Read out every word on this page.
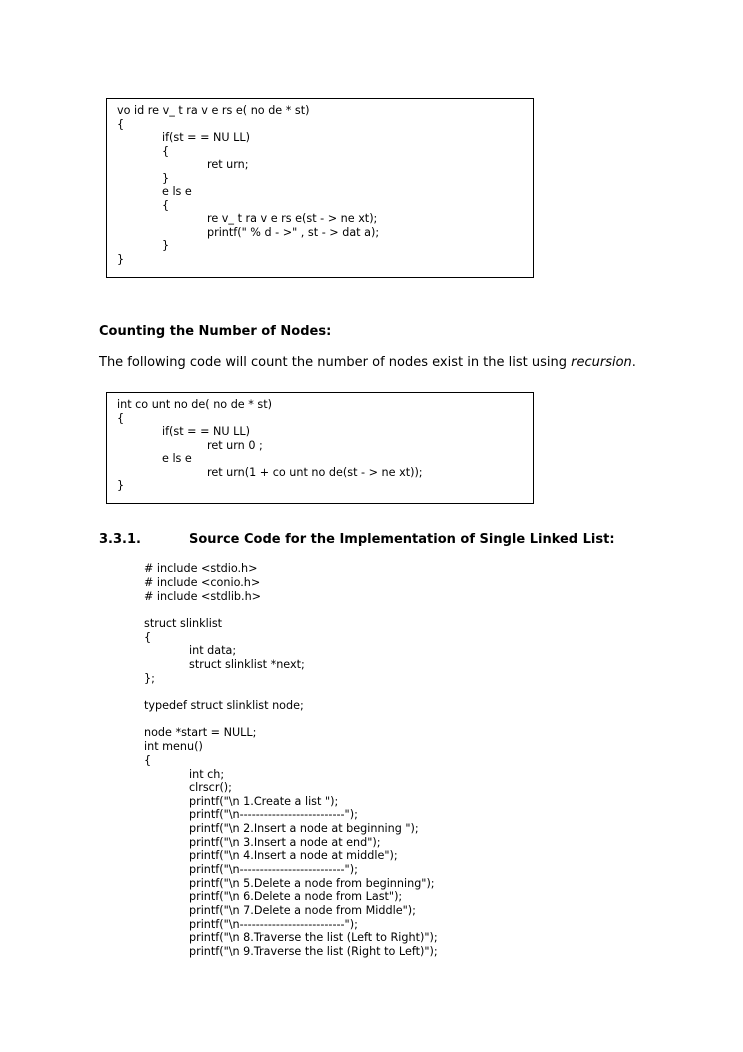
vo id re v_ t ra v e rs e( no de * st)
{
if(st = = NU LL)
{
ret urn;
}
e ls e
{
re v_ t ra v e rs e(st - > ne xt);
printf(" % d - >" , st - > dat a);
}
}
Counting the Number of Nodes:
The following code will count the number of nodes exist in the list using recursion.
int co unt no de( no de * st)
{
if(st = = NU LL)
ret urn 0 ;
e ls e
ret urn(1 + co unt no de(st - > ne xt));
}
3.3.1.	Source Code for the Implementation of Single Linked List:
# include <stdio.h>
# include <conio.h>
# include <stdlib.h>
struct slinklist
{
int data;
struct slinklist *next;
};
typedef struct slinklist node;
node *start = NULL;
int menu()
{
int ch;
clrscr();
printf("\n 1.Create a list ");
printf("\n--------------------------");
printf("\n 2.Insert a node at beginning ");
printf("\n 3.Insert a node at end");
printf("\n 4.Insert a node at middle");
printf("\n--------------------------");
printf("\n 5.Delete a node from beginning");
printf("\n 6.Delete a node from Last");
printf("\n 7.Delete a node from Middle");
printf("\n--------------------------");
printf("\n 8.Traverse the list (Left to Right)");
printf("\n 9.Traverse the list (Right to Left)");
